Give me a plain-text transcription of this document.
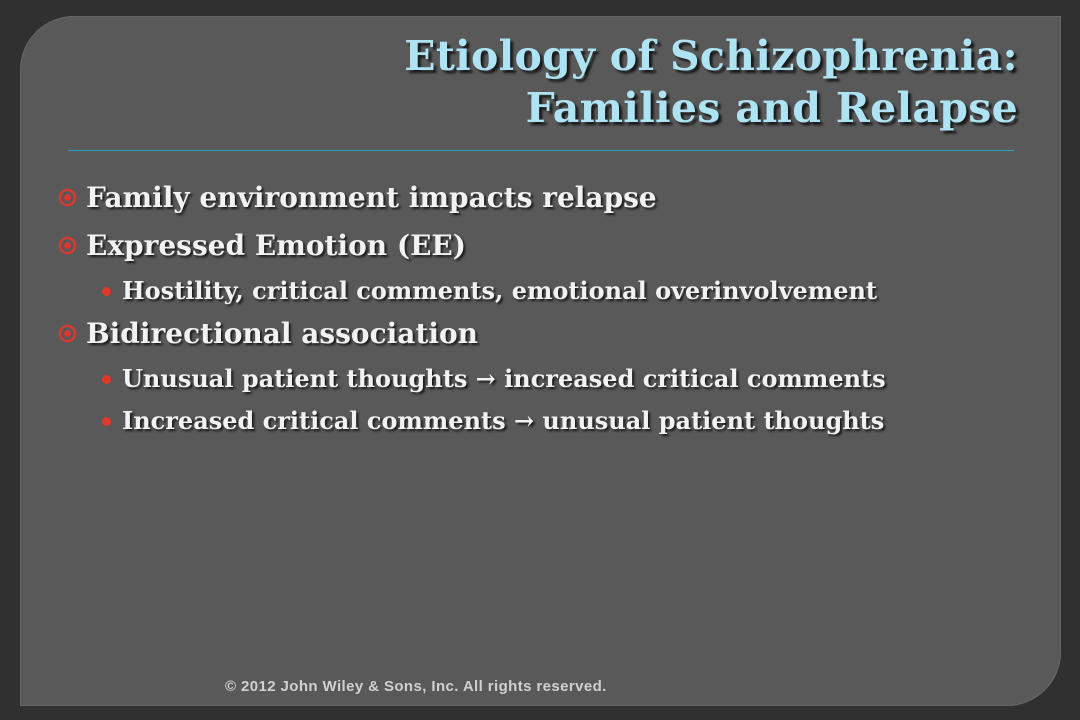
Etiology of Schizophrenia:
Families and Relapse
Family environment impacts relapse
Expressed Emotion (EE)
Hostility, critical comments, emotional overinvolvement
Bidirectional association
Unusual patient thoughts → increased critical comments
Increased critical comments → unusual patient thoughts
© 2012 John Wiley & Sons, Inc. All rights reserved.
